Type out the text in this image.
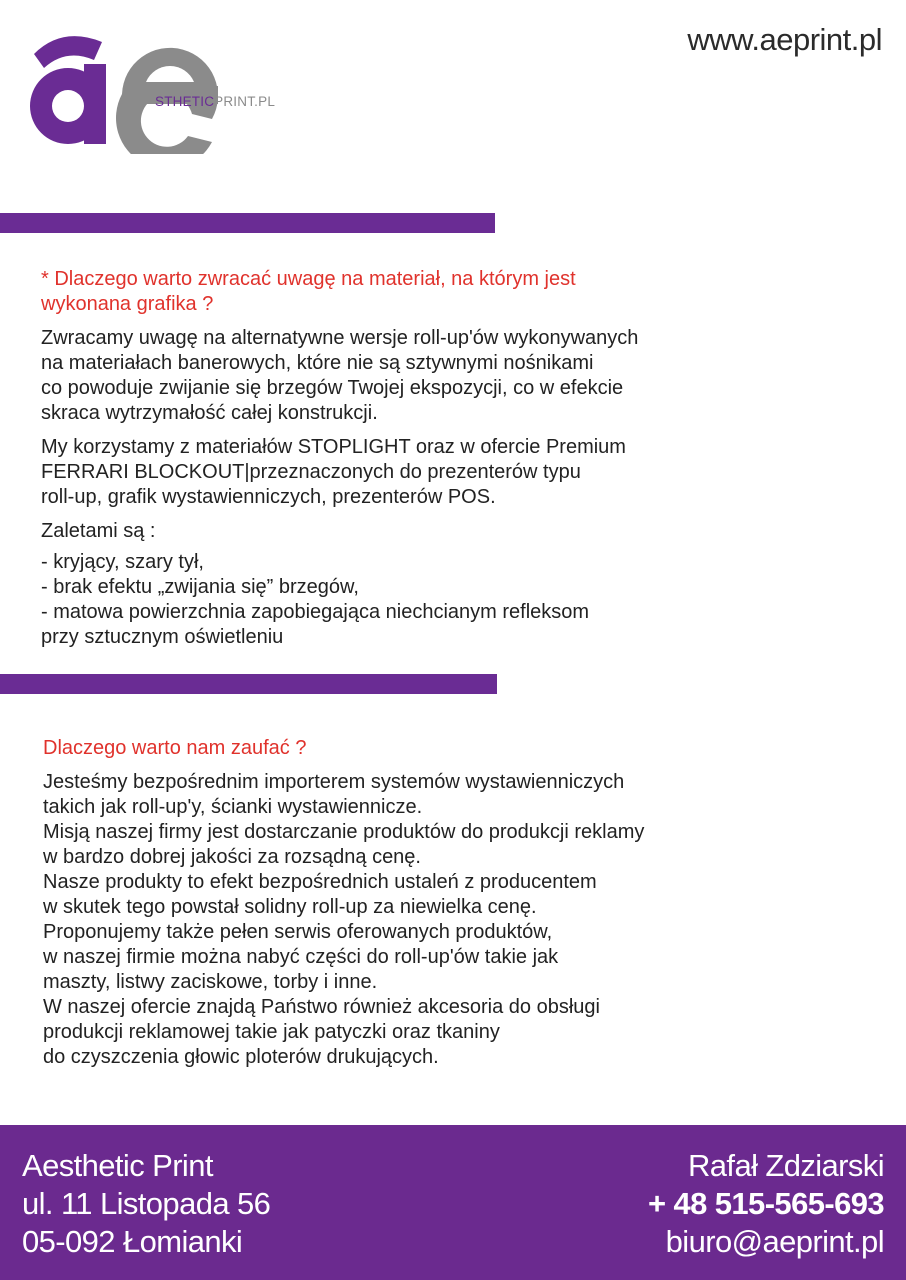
www.aeprint.pl
STHETICPRINT.PL
* Dlaczego warto zwracać uwagę na materiał, na którym jest
wykonana grafika ?
Zwracamy uwagę na alternatywne wersje roll-up'ów wykonywanych
na materiałach banerowych, które nie są sztywnymi nośnikami
co powoduje zwijanie się brzegów Twojej ekspozycji, co w efekcie
skraca wytrzymałość całej konstrukcji.
My korzystamy z materiałów STOPLIGHT oraz w ofercie Premium
FERRARI BLOCKOUT|przeznaczonych do prezenterów typu
roll-up, grafik wystawienniczych, prezenterów POS.
Zaletami są :
- kryjący, szary tył,
- brak efektu „zwijania się” brzegów,
- matowa powierzchnia zapobiegająca niechcianym refleksom
przy sztucznym oświetleniu
Dlaczego warto nam zaufać ?
Jesteśmy bezpośrednim importerem systemów wystawienniczych
takich jak roll-up'y, ścianki wystawiennicze.
Misją naszej firmy jest dostarczanie produktów do produkcji reklamy
w bardzo dobrej jakości za rozsądną cenę.
Nasze produkty to efekt bezpośrednich ustaleń z producentem
w skutek tego powstał solidny roll-up za niewielka cenę.
Proponujemy także pełen serwis oferowanych produktów,
w naszej firmie można nabyć części do roll-up'ów takie jak
maszty, listwy zaciskowe, torby i inne.
W naszej ofercie znajdą Państwo również akcesoria do obsługi
produkcji reklamowej takie jak patyczki oraz tkaniny
do czyszczenia głowic ploterów drukujących.
Aesthetic Print
ul. 11 Listopada 56
05-092 Łomianki
Rafał Zdziarski
+ 48 515-565-693
biuro@aeprint.pl
